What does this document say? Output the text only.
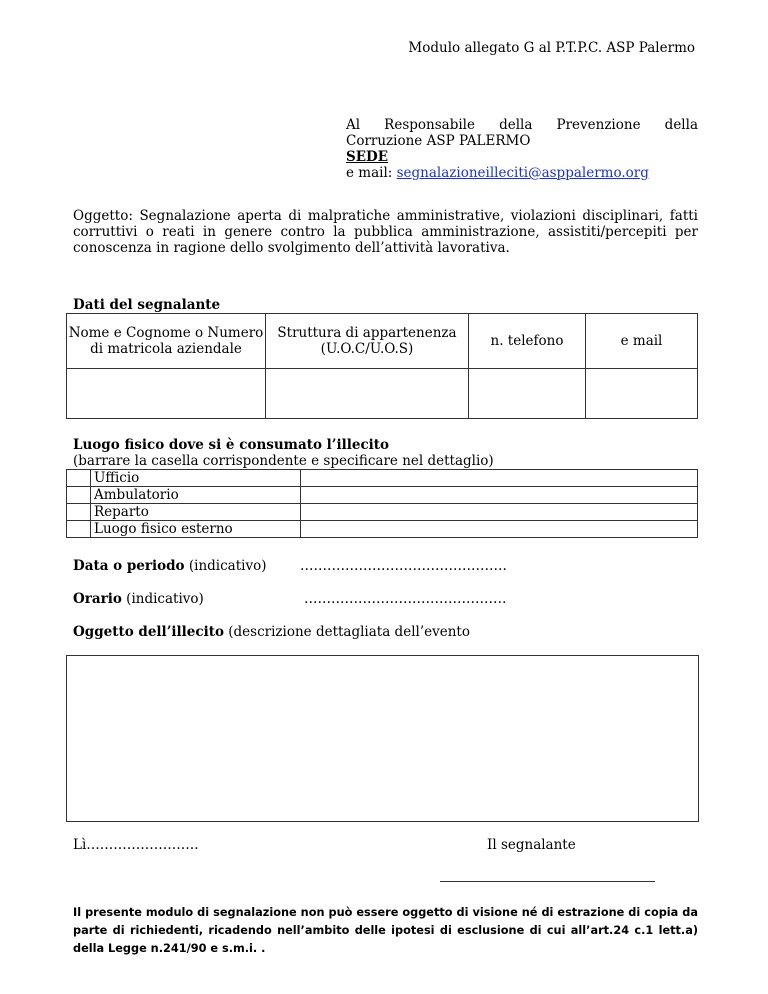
Modulo allegato G al P.T.P.C. ASP Palermo
Al Responsabile della Prevenzione della
Corruzione ASP PALERMO
SEDE
e mail: segnalazioneilleciti@asppalermo.org
Oggetto: Segnalazione aperta di malpratiche amministrative, violazioni disciplinari, fatti corruttivi o reati in genere contro la pubblica amministrazione, assistiti/percepiti per conoscenza in ragione dello svolgimento dell’attività lavorativa.
Dati del segnalante
Nome e Cognome o Numero di matricola aziendale	Struttura di appartenenza (U.O.C/U.O.S)	n. telefono	e mail

Luogo fisico dove si è consumato l’illecito
(barrare la casella corrispondente e specificare nel dettaglio)
	Ufficio	
	Ambulatorio	
	Reparto	
	Luogo fisico esterno	
Data o periodo (indicativo) ……………………………………….
Orario (indicativo)	………………………………………
Oggetto dell’illecito (descrizione dettagliata dell’evento
Lì…………………….	Il segnalante
Il presente modulo di segnalazione non può essere oggetto di visione né di estrazione di copia da parte di richiedenti, ricadendo nell’ambito delle ipotesi di esclusione di cui all’art.24 c.1 lett.a) della Legge n.241/90 e s.m.i. .
